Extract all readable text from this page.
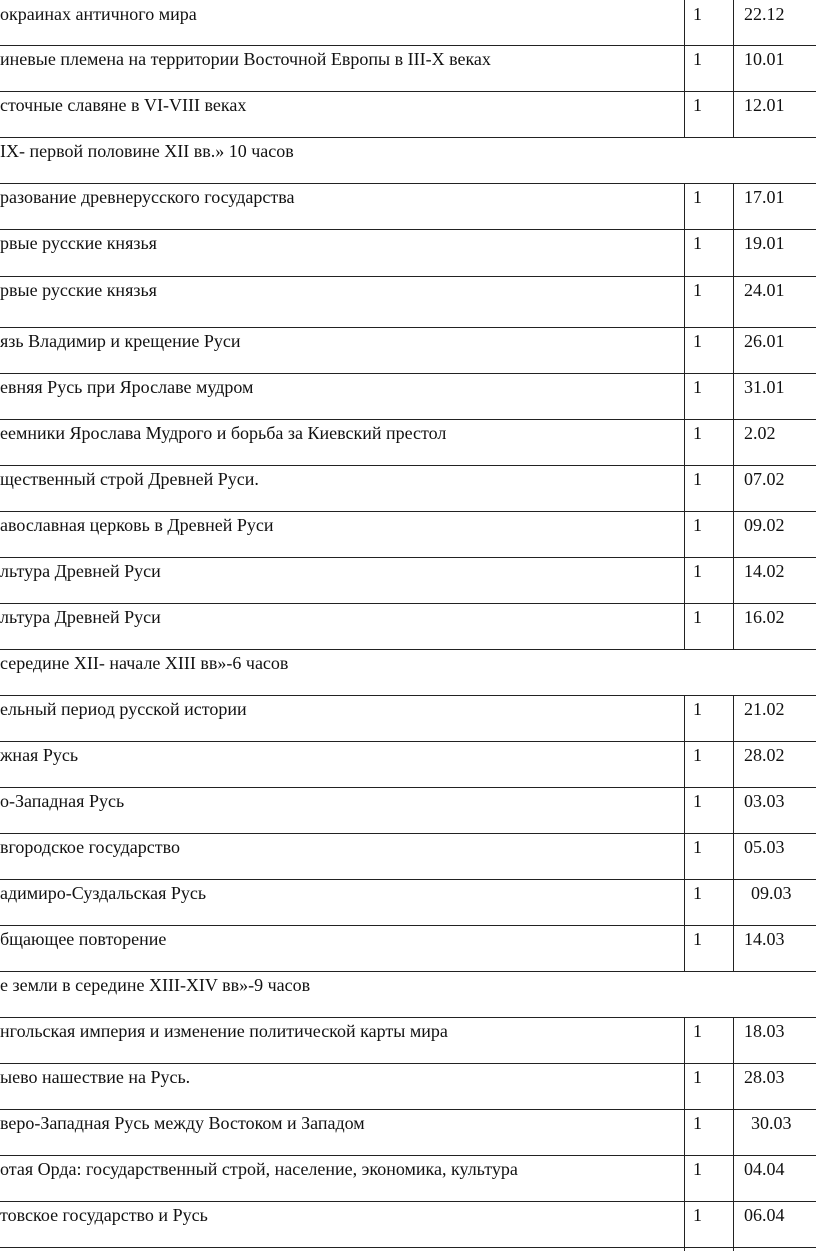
окраинах античного мира	1 22.12
иневые племена на территории Восточной Европы в III-X веках	1 10.01
сточные славяне в VI-VIII веках	1 12.01
IX- первой половине XII вв.» 10 часов
разование древнерусского государства	1 17.01
рвые русские князья	1 19.01
рвые русские князья	1 24.01
язь Владимир и крещение Руси	1 26.01
евняя Русь при Ярославе мудром	1 31.01
еемники Ярослава Мудрого и борьба за Киевский престол	1 2.02
щественный строй Древней Руси.	1 07.02
авославная церковь в Древней Руси	1 09.02
льтура Древней Руси	1 14.02
льтура Древней Руси	1 16.02
середине XII- начале XIII вв»-6 часов
ельный период русской истории	1 21.02
жная Русь	1 28.02
о-Западная Русь	1 03.03
вгородское государство	1 05.03
адимиро-Суздальская Русь	1	09.03
бщающее повторение	1 14.03
е земли в середине XIII-XIV вв»-9 часов
нгольская империя и изменение политической карты мира	1 18.03
ыево нашествие на Русь.	1 28.03
веро-Западная Русь между Востоком и Западом	1	30.03
отая Орда: государственный строй, население, экономика, культура	1 04.04
товское государство и Русь	1 06.04
